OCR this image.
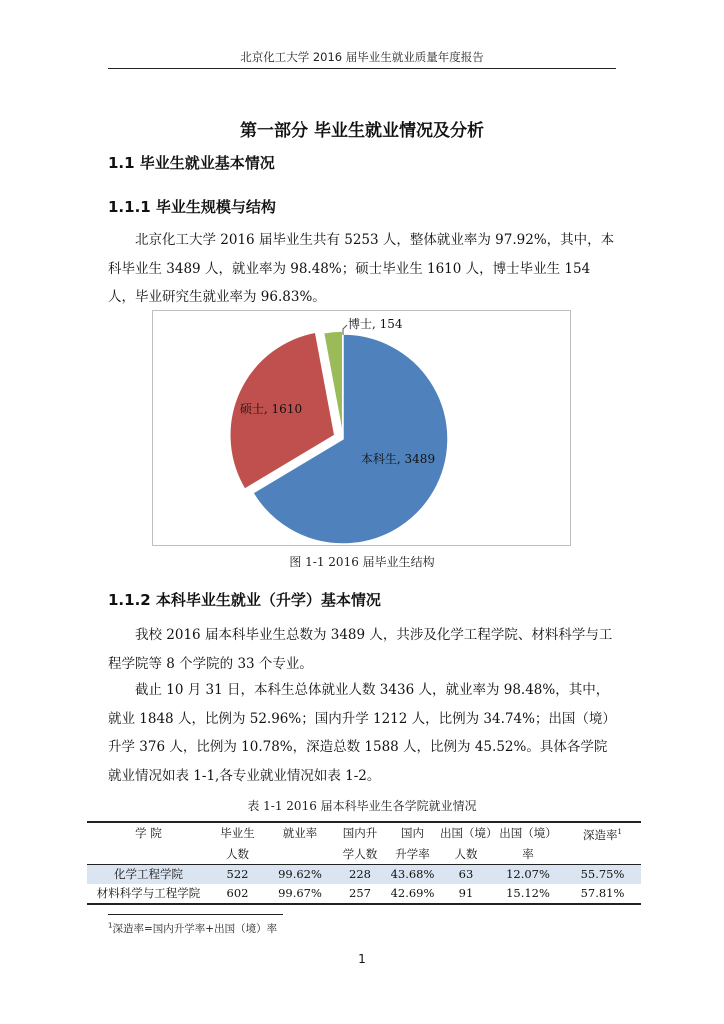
北京化工大学 2016 届毕业生就业质量年度报告
第一部分 毕业生就业情况及分析
1.1 毕业生就业基本情况
1.1.1 毕业生规模与结构
北京化工大学 2016 届毕业生共有 5253 人，整体就业率为 97.92%，其中，本科毕业生 3489 人，就业率为 98.48%；硕士毕业生 1610 人，博士毕业生 154 人，毕业研究生就业率为 96.83%。
本科生, 3489
硕士, 1610
博士, 154
图 1-1 2016 届毕业生结构
1.1.2 本科毕业生就业（升学）基本情况
我校 2016 届本科毕业生总数为 3489 人，共涉及化学工程学院、材料科学与工程学院等 8 个学院的 33 个专业。
截止 10 月 31 日，本科生总体就业人数 3436 人，就业率为 98.48%，其中，就业 1848 人，比例为 52.96%；国内升学 1212 人，比例为 34.74%；出国（境）升学 376 人，比例为 10.78%，深造总数 1588 人，比例为 45.52%。具体各学院就业情况如表 1-1,各专业就业情况如表 1-2。
表 1-1 2016 届本科毕业生各学院就业情况
学 院	毕业生	就业率	国内升	国内	出国（境）	出国（境）	深造率$^1$
	人数		学人数	升学率	人数	率	
化学工程学院	522	99.62%	228	43.68%	63	12.07%	55.75%
材料科学与工程学院	602	99.67%	257	42.69%	91	15.12%	57.81%
$^1$深造率=国内升学率+出国（境）率
1
